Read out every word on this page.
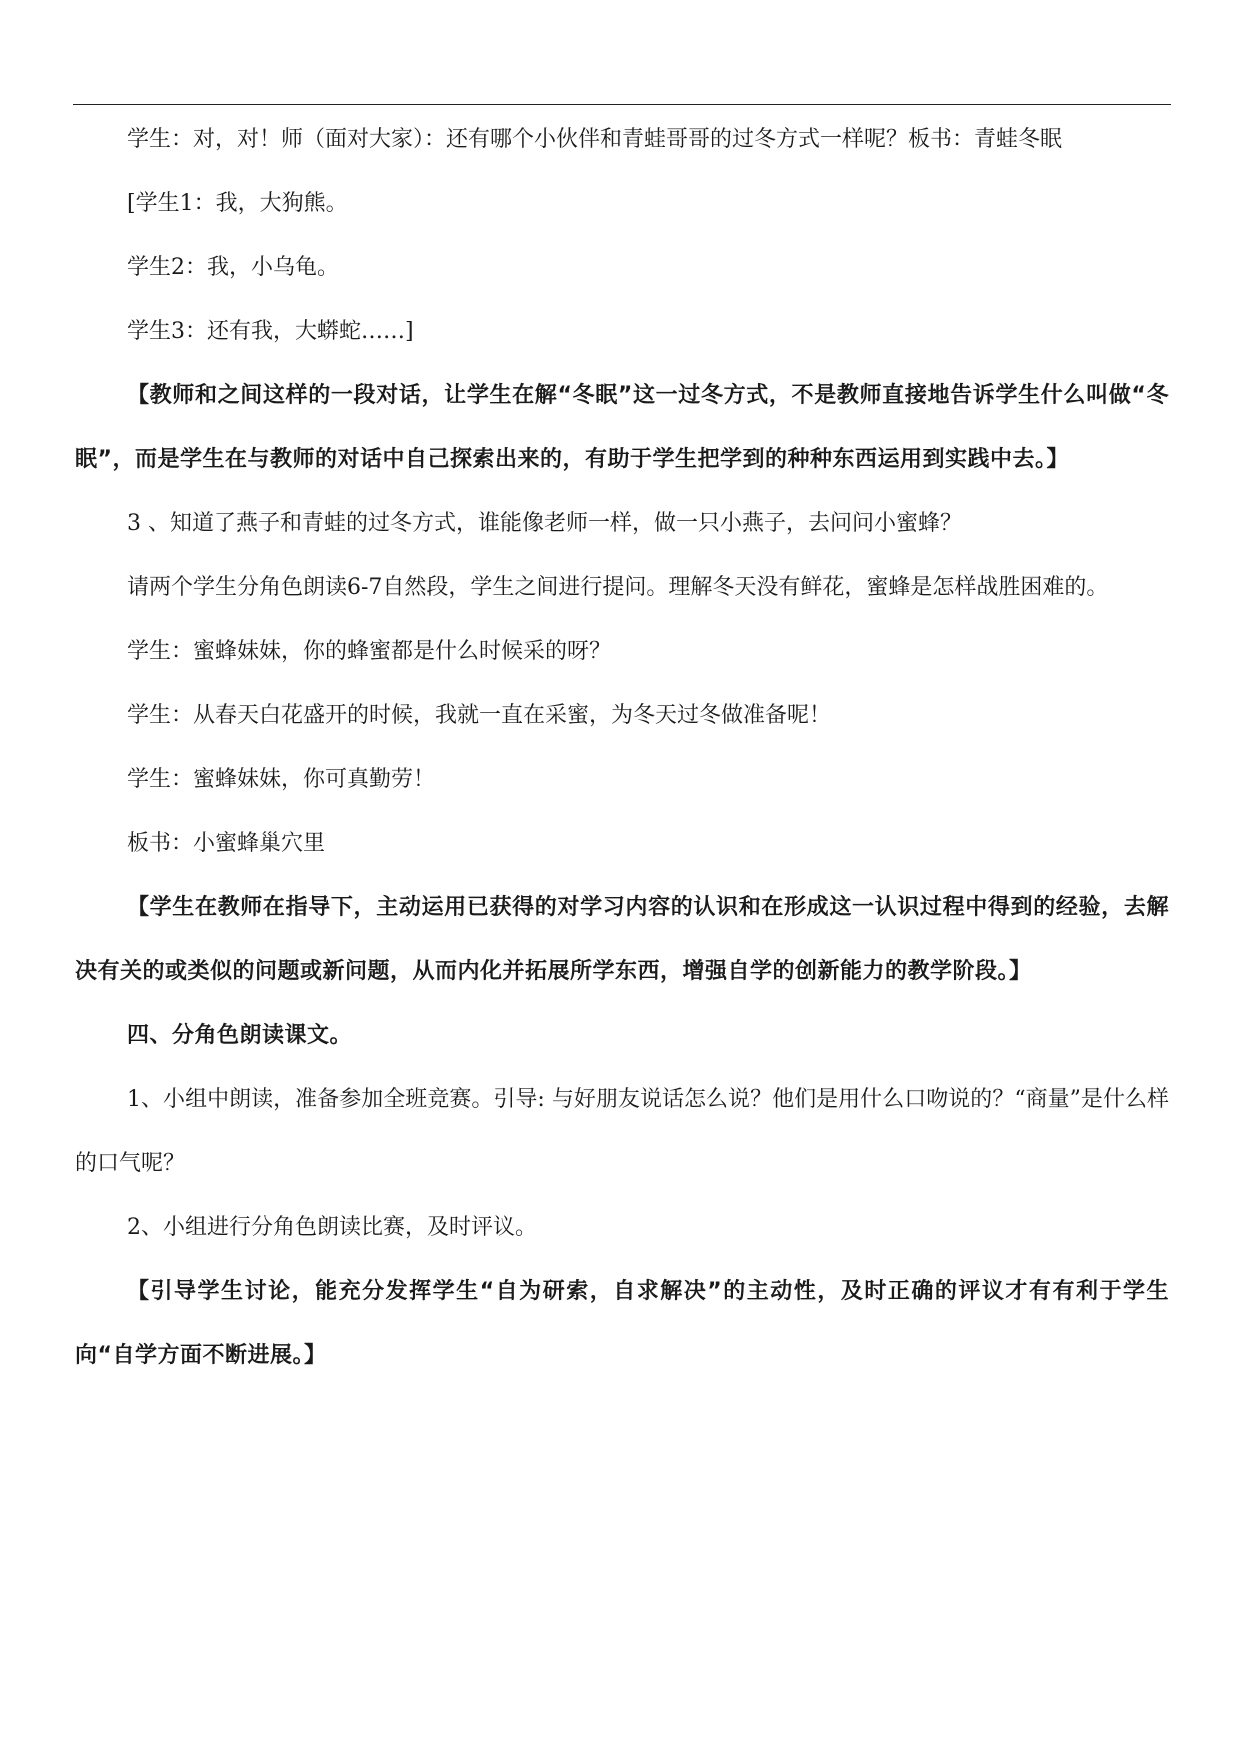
学生：对，对！师（面对大家）：还有哪个小伙伴和青蛙哥哥的过冬方式一样呢？板书：青蛙冬眠

[学生1：我，大狗熊。

学生2：我，小乌龟。

学生3：还有我，大蟒蛇……]

【教师和之间这样的一段对话，让学生在解“冬眠”这一过冬方式，不是教师直接地告诉学生什么叫做“冬眠”，而是学生在与教师的对话中自己探索出来的，有助于学生把学到的种种东西运用到实践中去。】

3 、知道了燕子和青蛙的过冬方式，谁能像老师一样，做一只小燕子，去问问小蜜蜂？

请两个学生分角色朗读6-7自然段，学生之间进行提问。理解冬天没有鲜花，蜜蜂是怎样战胜困难的。

学生：蜜蜂妹妹，你的蜂蜜都是什么时候采的呀？

学生：从春天白花盛开的时候，我就一直在采蜜，为冬天过冬做准备呢！

学生：蜜蜂妹妹，你可真勤劳！

板书：小蜜蜂巢穴里

【学生在教师在指导下，主动运用已获得的对学习内容的认识和在形成这一认识过程中得到的经验，去解决有关的或类似的问题或新问题，从而内化并拓展所学东西，增强自学的创新能力的教学阶段。】

四、分角色朗读课文。

1、小组中朗读，准备参加全班竞赛。引导: 与好朋友说话怎么说？他们是用什么口吻说的？“商量”是什么样的口气呢？

2、小组进行分角色朗读比赛，及时评议。

【引导学生讨论，能充分发挥学生“自为研索，自求解决”的主动性，及时正确的评议才有有利于学生向“自学方面不断进展。】
